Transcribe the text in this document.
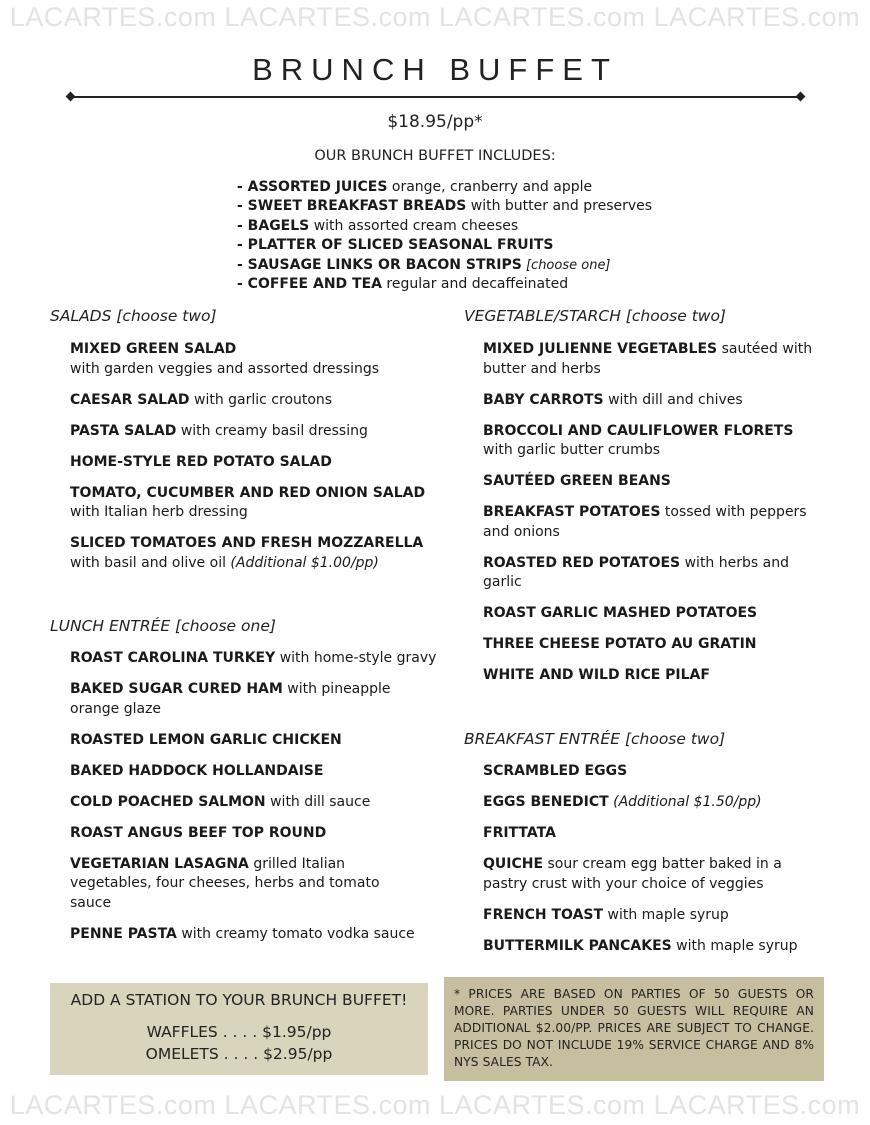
LACARTES.com LACARTES.com LACARTES.com LACARTES.com
BRUNCH BUFFET
$18.95/pp*
OUR BRUNCH BUFFET INCLUDES:
- ASSORTED JUICES orange, cranberry and apple
- SWEET BREAKFAST BREADS with butter and preserves
- BAGELS with assorted cream cheeses
- PLATTER OF SLICED SEASONAL FRUITS
- SAUSAGE LINKS OR BACON STRIPS [choose one]
- COFFEE AND TEA regular and decaffeinated
SALADS [choose two]
MIXED GREEN SALAD
with garden veggies and assorted dressings
CAESAR SALAD with garlic croutons
PASTA SALAD with creamy basil dressing
HOME-STYLE RED POTATO SALAD
TOMATO, CUCUMBER AND RED ONION SALAD
with Italian herb dressing
SLICED TOMATOES AND FRESH MOZZARELLA
with basil and olive oil (Additional $1.00/pp)
LUNCH ENTRÉE [choose one]
ROAST CAROLINA TURKEY with home-style gravy
BAKED SUGAR CURED HAM with pineapple orange glaze
ROASTED LEMON GARLIC CHICKEN
BAKED HADDOCK HOLLANDAISE
COLD POACHED SALMON with dill sauce
ROAST ANGUS BEEF TOP ROUND
VEGETARIAN LASAGNA grilled Italian vegetables, four cheeses, herbs and tomato sauce
PENNE PASTA with creamy tomato vodka sauce
VEGETABLE/STARCH [choose two]
MIXED JULIENNE VEGETABLES sautéed with butter and herbs
BABY CARROTS with dill and chives
BROCCOLI AND CAULIFLOWER FLORETS with garlic butter crumbs
SAUTÉED GREEN BEANS
BREAKFAST POTATOES tossed with peppers and onions
ROASTED RED POTATOES with herbs and garlic
ROAST GARLIC MASHED POTATOES
THREE CHEESE POTATO AU GRATIN
WHITE AND WILD RICE PILAF
BREAKFAST ENTRÉE [choose two]
SCRAMBLED EGGS
EGGS BENEDICT (Additional $1.50/pp)
FRITTATA
QUICHE sour cream egg batter baked in a pastry crust with your choice of veggies
FRENCH TOAST with maple syrup
BUTTERMILK PANCAKES with maple syrup
ADD A STATION TO YOUR BRUNCH BUFFET!
WAFFLES . . . . $1.95/pp
OMELETS . . . . $2.95/pp
* PRICES ARE BASED ON PARTIES OF 50 GUESTS OR MORE. PARTIES UNDER 50 GUESTS WILL REQUIRE AN ADDITIONAL $2.00/PP. PRICES ARE SUBJECT TO CHANGE. PRICES DO NOT INCLUDE 19% SERVICE CHARGE AND 8% NYS SALES TAX.
LACARTES.com LACARTES.com LACARTES.com LACARTES.com
